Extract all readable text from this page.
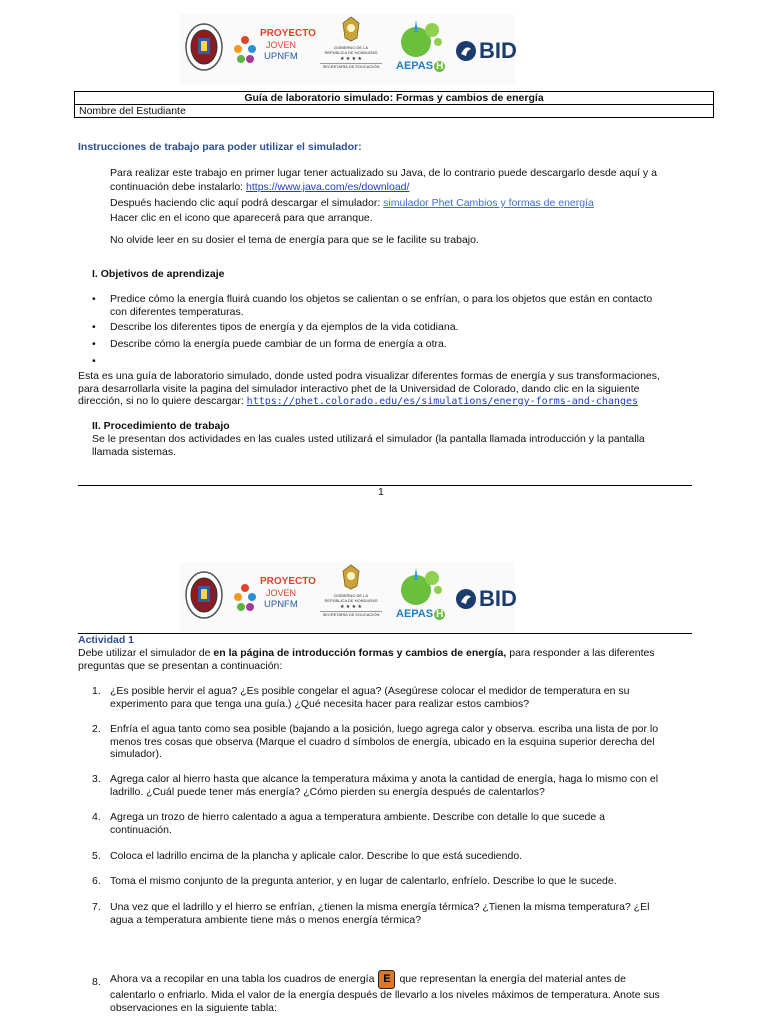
PROYECTO
JOVEN
UPNFM
GOBIERNO DE LA
REPÚBLICA DE HONDURAS
★ ★ ★ ★
SECRETARÍA DE EDUCACIÓN AEPAS H
BID
Guía de laboratorio simulado: Formas y cambios de energía
Nombre del Estudiante
Instrucciones de trabajo para poder utilizar el simulador:
Para realizar este trabajo en primer lugar tener actualizado su Java, de lo contrario puede descargarlo desde aquí y a
continuación debe instalarlo: https://www.java.com/es/download/
Después haciendo clic aquí podrá descargar el simulador: simulador Phet Cambios y formas de energía
Hacer clic en el icono que aparecerá para que arranque.
No olvide leer en su dosier el tema de energía para que se le facilite su trabajo.
I. Objetivos de aprendizaje
• Predice cómo la energía fluirá cuando los objetos se calientan o se enfrían, o para los objetos que están en contacto
con diferentes temperaturas.
• Describe los diferentes tipos de energía y da ejemplos de la vida cotidiana.
• Describe cómo la energía puede cambiar de un forma de energía a otra.
•
Esta es una guía de laboratorio simulado, donde usted podra visualizar diferentes formas de energía y sus transformaciones,
para desarrollarla visite la pagina del simulador interactivo phet de la Universidad de Colorado, dando clic en la siguiente
dirección, si no lo quiere descargar: https://phet.colorado.edu/es/simulations/energy-forms-and-changes
II. Procedimiento de trabajo
Se le presentan dos actividades en las cuales usted utilizará el simulador (la pantalla llamada introducción y la pantalla
llamada sistemas.
1
PROYECTO
JOVEN
UPNFM
GOBIERNO DE LA
REPÚBLICA DE HONDURAS
★ ★ ★ ★
SECRETARÍA DE EDUCACIÓN AEPAS H
BID
Actividad 1
Debe utilizar el simulador de en la página de introducción formas y cambios de energía, para responder a las diferentes
preguntas que se presentan a continuación:
1. ¿Es posible hervir el agua? ¿Es posible congelar el agua? (Asegúrese colocar el medidor de temperatura en su
experimento para que tenga una guía.) ¿Qué necesita hacer para realizar estos cambios?
2. Enfría el agua tanto como sea posible (bajando a la posición, luego agrega calor y observa. escriba una lista de por lo
menos tres cosas que observa (Marque el cuadro d símbolos de energía, ubicado en la esquina superior derecha del
simulador).
3. Agrega calor al hierro hasta que alcance la temperatura máxima y anota la cantidad de energía, haga lo mismo con el
ladrillo. ¿Cuál puede tener más energía? ¿Cómo pierden su energía después de calentarlos?
4. Agrega un trozo de hierro calentado a agua a temperatura ambiente. Describe con detalle lo que sucede a
continuación.
5. Coloca el ladrillo encima de la plancha y aplicale calor. Describe lo que está sucediendo.
6. Toma el mismo conjunto de la pregunta anterior, y en lugar de calentarlo, enfríelo. Describe lo que le sucede.
7. Una vez que el ladrillo y el hierro se enfrían, ¿tienen la misma energía térmica? ¿Tienen la misma temperatura? ¿El
agua a temperatura ambiente tiene más o menos energía térmica?
8. Ahora va a recopilar en una tabla los cuadros de energía E que representan la energía del material antes de
calentarlo o enfriarlo. Mida el valor de la energía después de llevarlo a los niveles máximos de temperatura. Anote sus
observaciones en la siguiente tabla:
